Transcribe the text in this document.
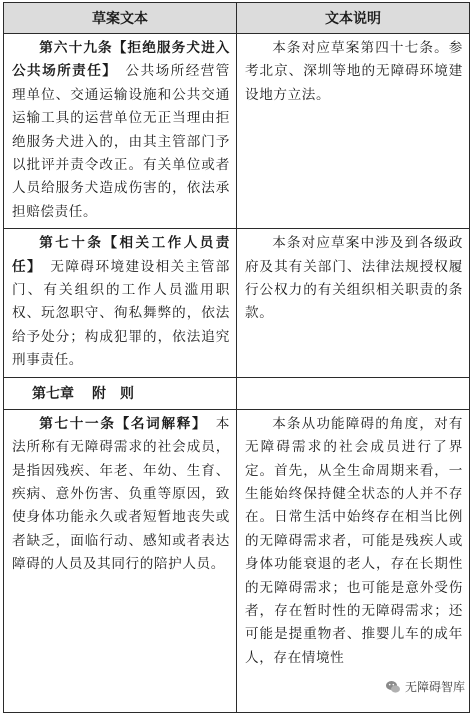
草案文本	文本说明

第六十九条【拒绝服务犬进入公共场所责任】　 公共场所经营管理单位、交通运输设施和公共交通运输工具的运营单位无正当理由拒绝服务犬进入的，由其主管部门予以批评并责令改正。有关单位或者人员给服务犬造成伤害的，依法承担赔偿责任。	本条对应草案第四十七条。参考北京、深圳等地的无障碍环境建设地方立法。

第七十条【相关工作人员责任】　 无障碍环境建设相关主管部门、有关组织的工作人员滥用职权、玩忽职守、徇私舞弊的，依法给予处分；构成犯罪的，依法追究刑事责任。	本条对应草案中涉及到各级政府及其有关部门、法律法规授权履行公权力的有关组织相关职责的条款。

第七章 附　则	

第七十一条【名词解释】　 本法所称有无障碍需求的社会成员，是指因残疾、年老、年幼、生育、疾病、意外伤害、负重等原因，致使身体功能永久或者短暂地丧失或者缺乏，面临行动、感知或者表达障碍的人员及其同行的陪护人员。	本条从功能障碍的角度，对有无障碍需求的社会成员进行了界定。首先，从全生命周期来看，一生能始终保持健全状态的人并不存在。日常生活中始终存在相当比例的无障碍需求者，可能是残疾人或身体功能衰退的老人，存在长期性的无障碍需求；也可能是意外受伤者，存在暂时性的无障碍需求；还可能是提重物者、推婴儿车的成年人，存在情境性
无障碍智库
